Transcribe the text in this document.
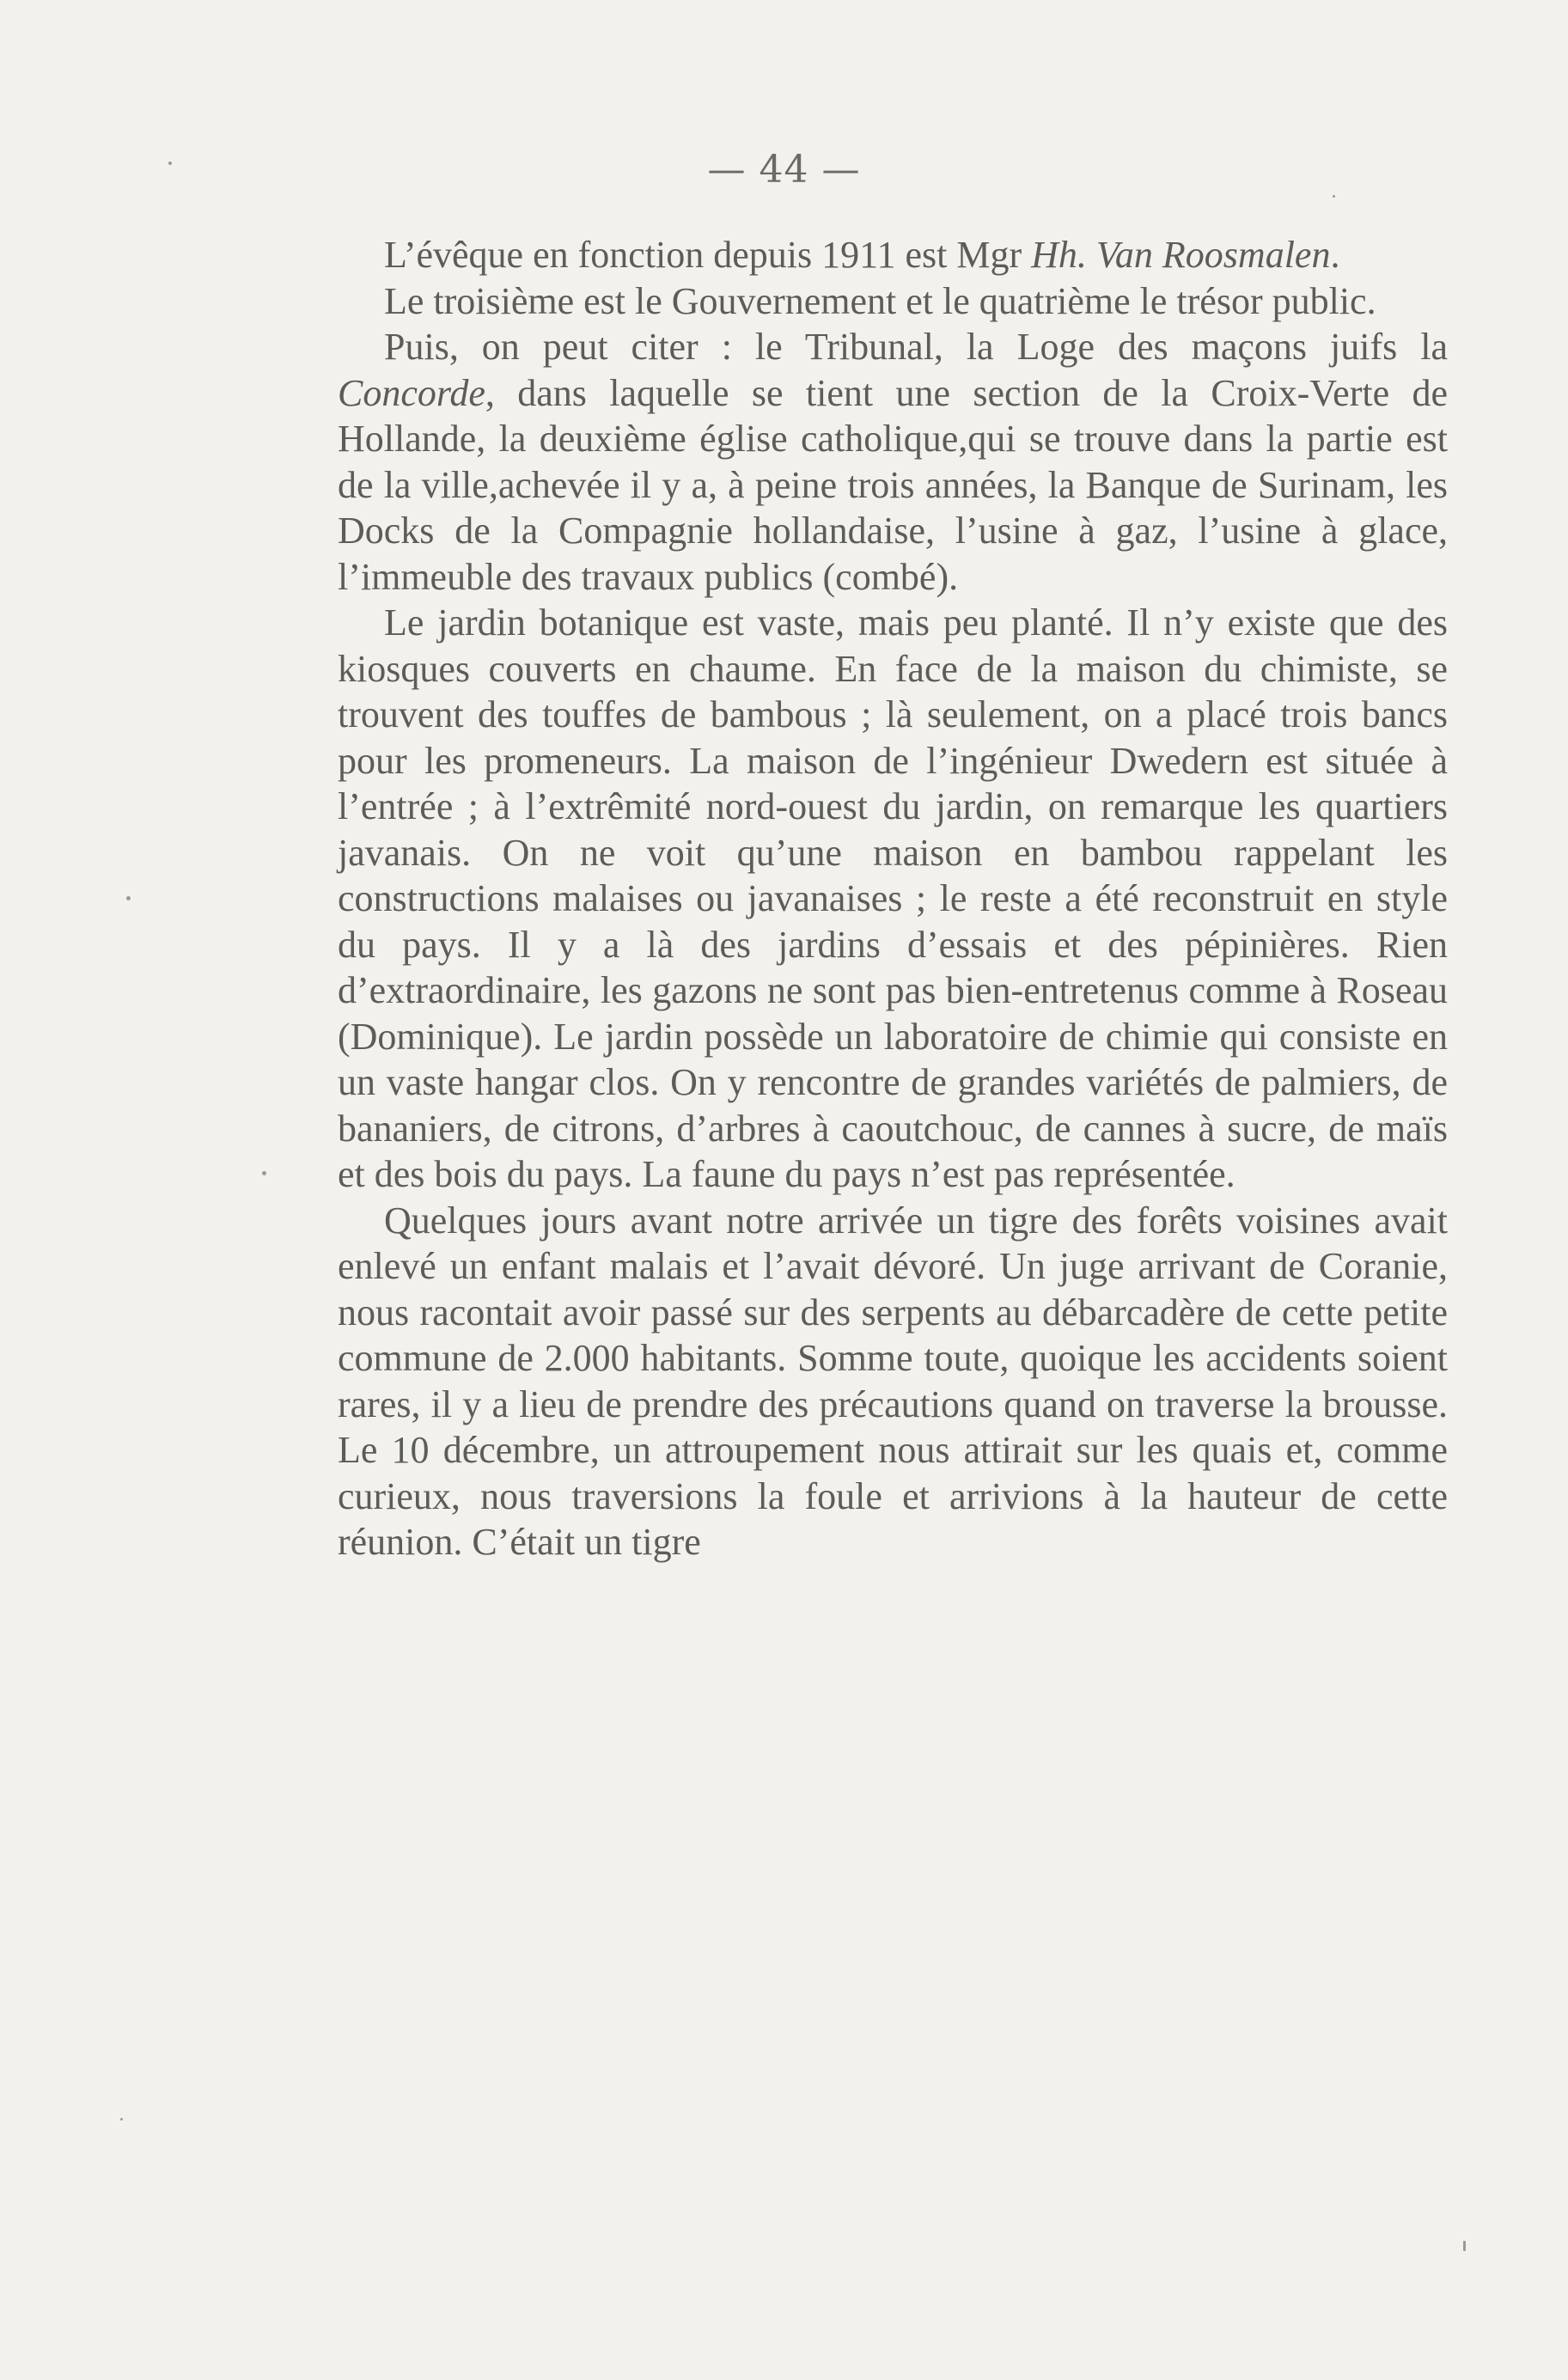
— 44 —

L’évêque en fonction depuis 1911 est Mgr Hh. Van Roosmalen.

Le troisième est le Gouvernement et le quatrième le trésor public.

Puis, on peut citer : le Tribunal, la Loge des maçons juifs la Concorde, dans laquelle se tient une section de la Croix-Verte de Hollande, la deuxième église catholique,qui se trouve dans la partie est de la ville,achevée il y a, à peine trois années, la Banque de Surinam, les Docks de la Compagnie hollandaise, l’usine à gaz, l’usine à glace, l’immeuble des travaux publics (combé).

Le jardin botanique est vaste, mais peu planté. Il n’y existe que des kiosques couverts en chaume. En face de la maison du chimiste, se trouvent des touffes de bambous ; là seulement, on a placé trois bancs pour les promeneurs. La maison de l’ingénieur Dwedern est située à l’entrée ; à l’extrêmité nord-ouest du jardin, on remarque les quartiers javanais. On ne voit qu’une maison en bambou rappelant les constructions malaises ou javanaises ; le reste a été reconstruit en style du pays. Il y a là des jardins d’essais et des pépinières. Rien d’extraordinaire, les gazons ne sont pas bien-entretenus comme à Roseau (Dominique). Le jardin possède un laboratoire de chimie qui consiste en un vaste hangar clos. On y rencontre de grandes variétés de palmiers, de bananiers, de citrons, d’arbres à caoutchouc, de cannes à sucre, de maïs et des bois du pays. La faune du pays n’est pas représentée.

Quelques jours avant notre arrivée un tigre des forêts voisines avait enlevé un enfant malais et l’avait dévoré. Un juge arrivant de Coranie, nous racontait avoir passé sur des serpents au débarcadère de cette petite commune de 2.000 habitants. Somme toute, quoique les accidents soient rares, il y a lieu de prendre des précautions quand on traverse la brousse. Le 10 décembre, un attroupement nous attirait sur les quais et, comme curieux, nous traversions la foule et arrivions à la hauteur de cette réunion. C’était un tigre
